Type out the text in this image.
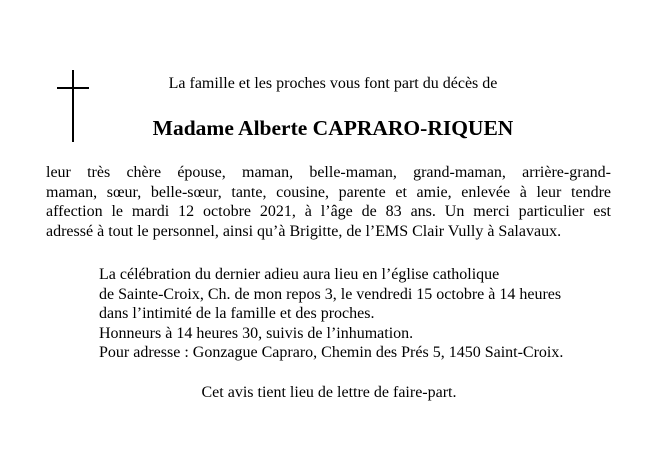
La famille et les proches vous font part du décès de
Madame Alberte CAPRARO-RIQUEN
leur très chère épouse, maman, belle-maman, grand-maman, arrière-grand-
maman, sœur, belle-sœur, tante, cousine, parente et amie, enlevée à leur tendre
affection le mardi 12 octobre 2021, à l’âge de 83 ans. Un merci particulier est
adressé à tout le personnel, ainsi qu’à Brigitte, de l’EMS Clair Vully à Salavaux.
La célébration du dernier adieu aura lieu en l’église catholique
de Sainte-Croix, Ch. de mon repos 3, le vendredi 15 octobre à 14 heures
dans l’intimité de la famille et des proches.
Honneurs à 14 heures 30, suivis de l’inhumation.
Pour adresse : Gonzague Capraro, Chemin des Prés 5, 1450 Saint-Croix.
Cet avis tient lieu de lettre de faire-part.
